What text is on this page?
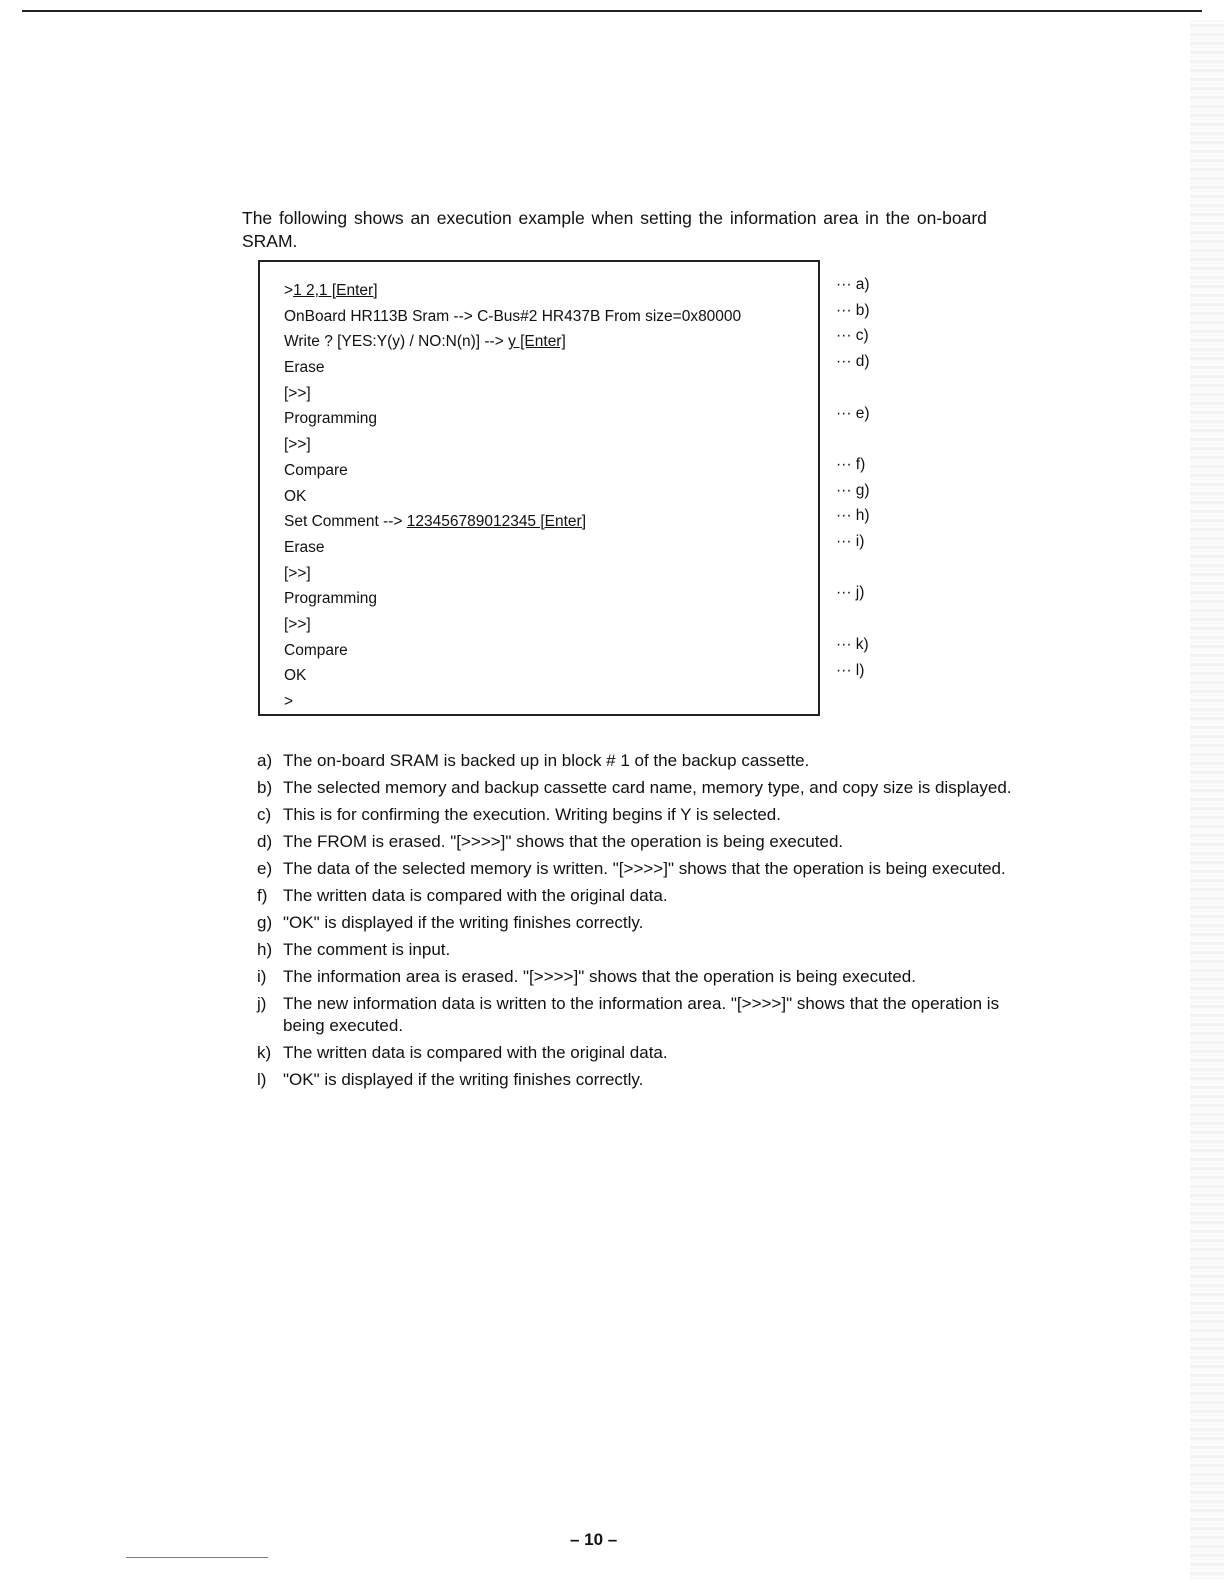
The following shows an execution example when setting the information area in the on-board
SRAM.
>1 2,1 [Enter]
OnBoard HR113B Sram --> C-Bus#2 HR437B From size=0x80000
Write ? [YES:Y(y) / NO:N(n)] --> y [Enter]
Erase
[>>]
Programming
[>>]
Compare
OK
Set Comment --> 123456789012345 [Enter]
Erase
[>>]
Programming
[>>]
Compare
OK
>
··· a)
··· b)
··· c)
··· d)
··· e)
··· f)
··· g)
··· h)
··· i)
··· j)
··· k)
··· l)
a) The on-board SRAM is backed up in block # 1 of the backup cassette.
b) The selected memory and backup cassette card name, memory type, and copy size is displayed.
c) This is for confirming the execution. Writing begins if Y is selected.
d) The FROM is erased. "[>>>>]" shows that the operation is being executed.
e) The data of the selected memory is written. "[>>>>]" shows that the operation is being executed.
f) The written data is compared with the original data.
g) "OK" is displayed if the writing finishes correctly.
h) The comment is input.
i) The information area is erased. "[>>>>]" shows that the operation is being executed.
j) The new information data is written to the information area. "[>>>>]" shows that the operation is being executed.
k) The written data is compared with the original data.
l) "OK" is displayed if the writing finishes correctly.
– 10 –
